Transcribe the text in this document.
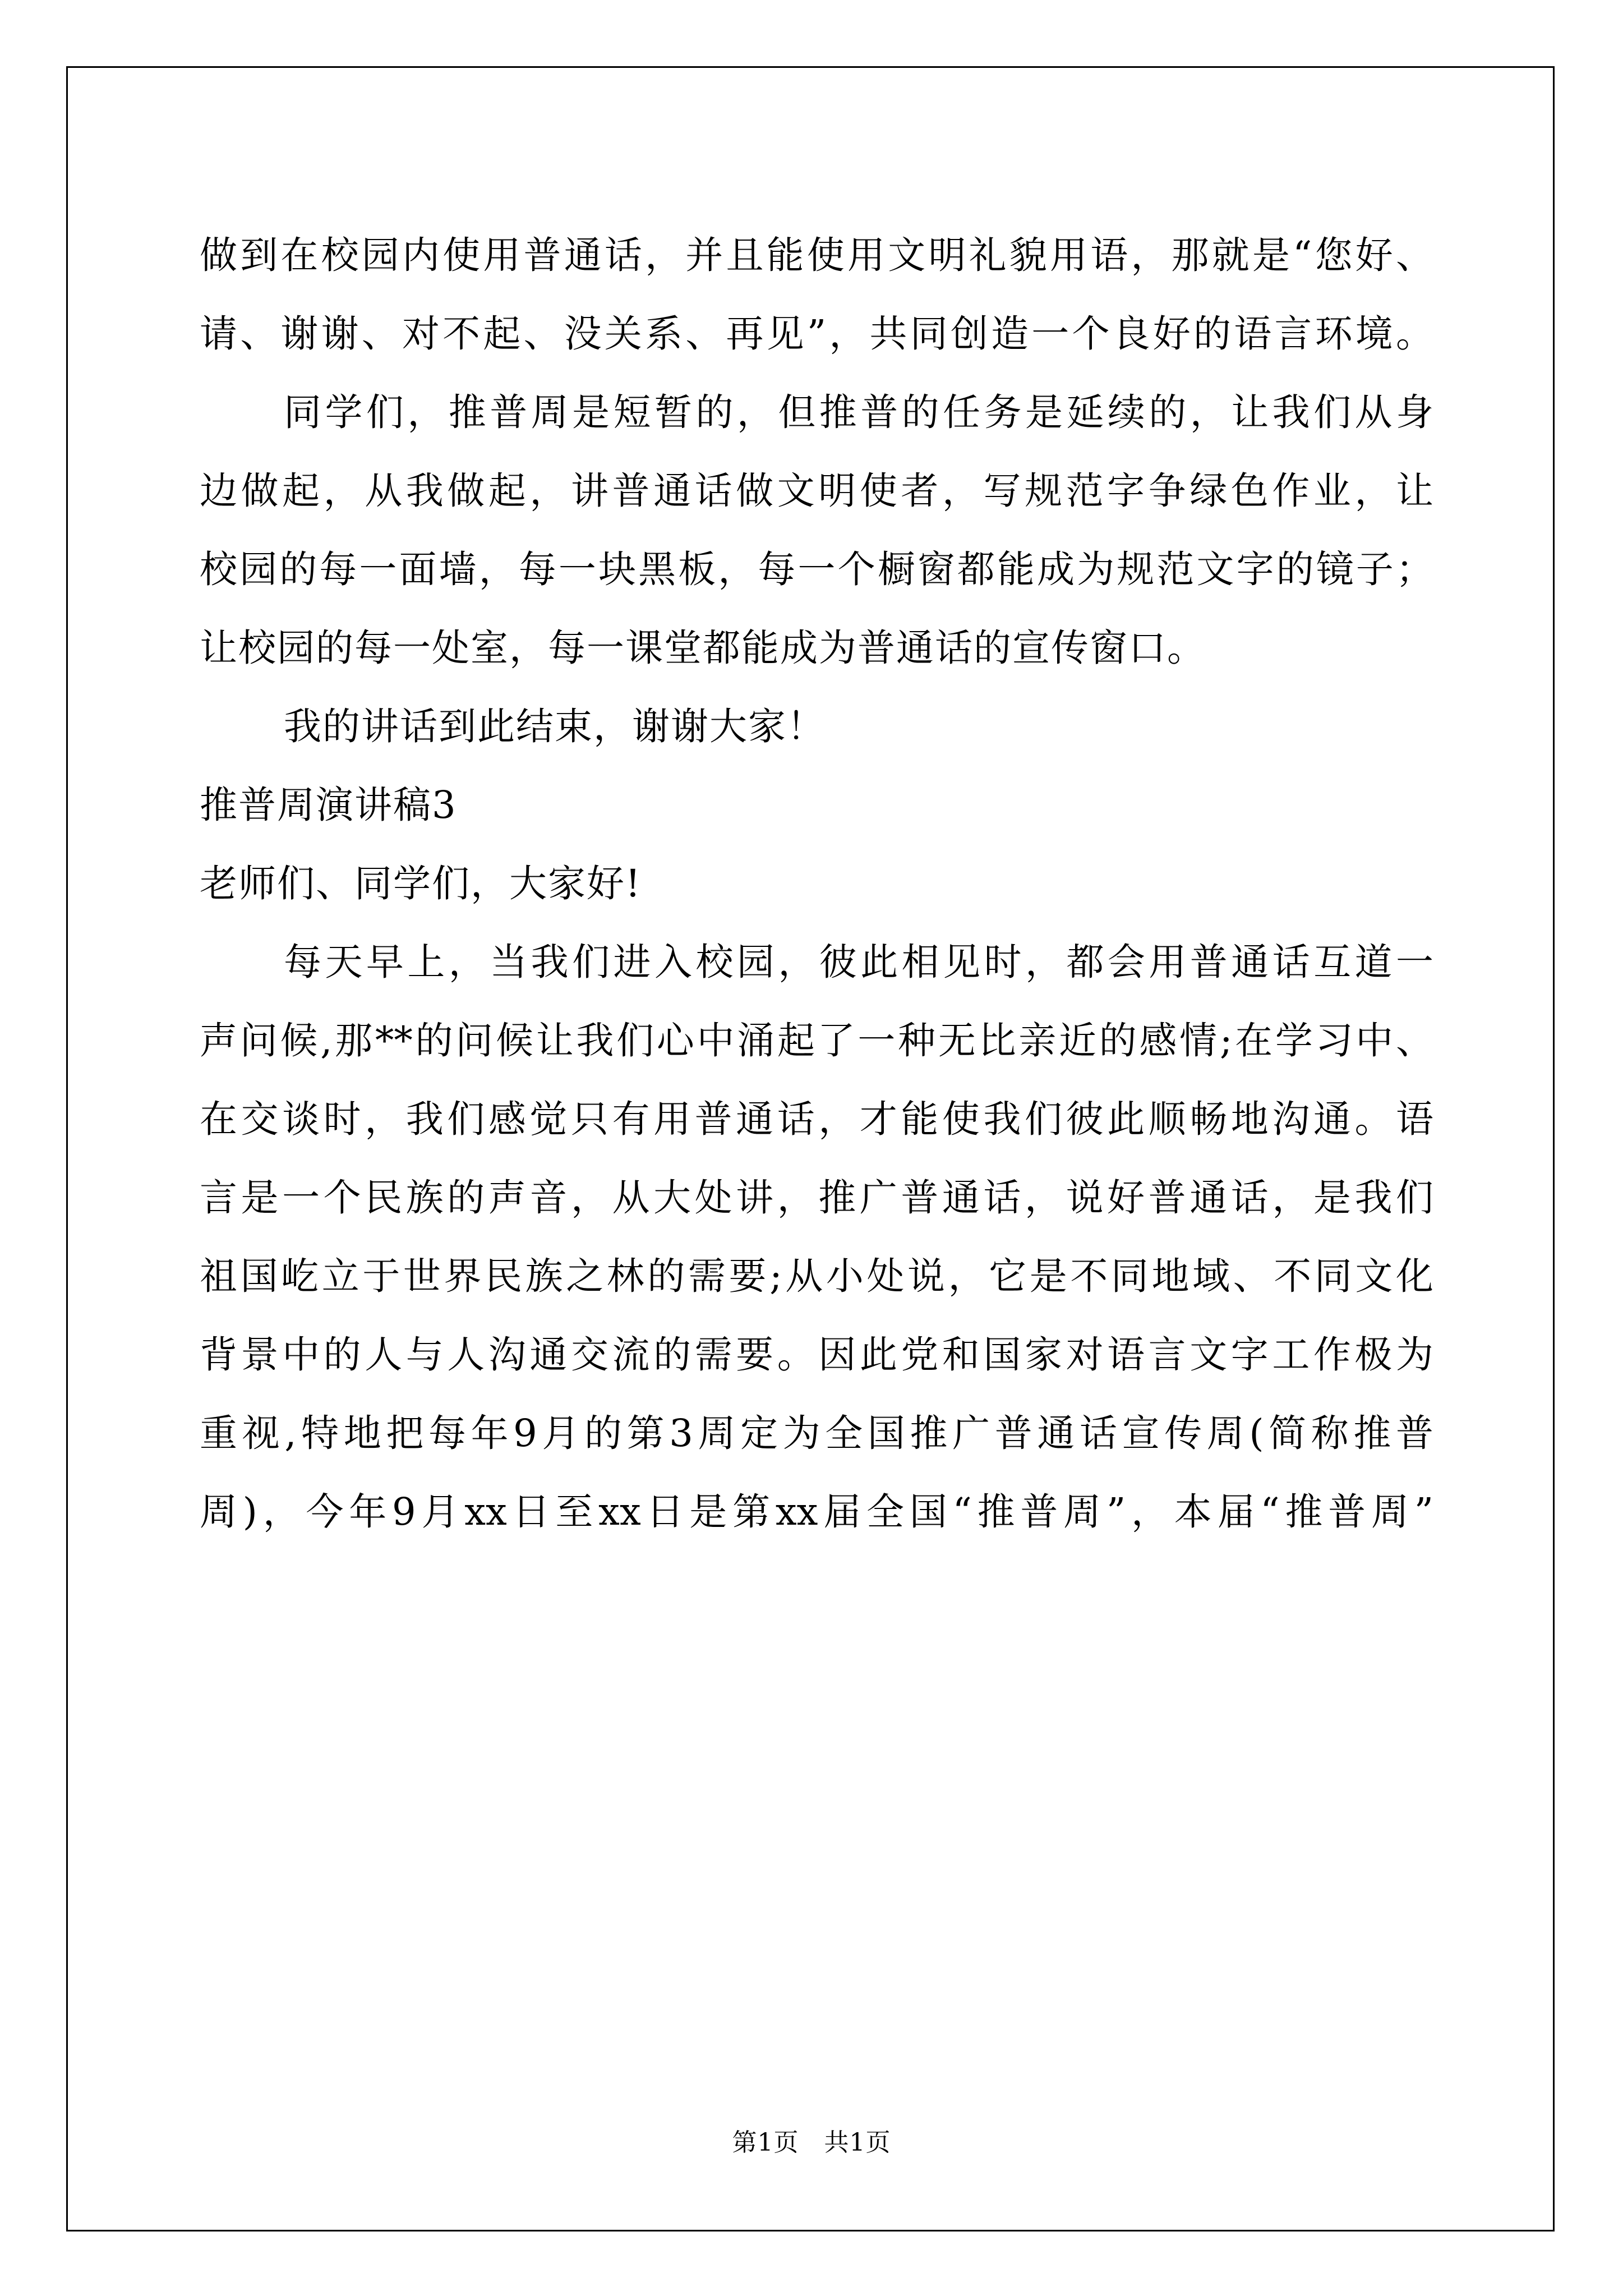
做到在校园内使用普通话，并且能使用文明礼貌用语，那就是“您好、
请、谢谢、对不起、没关系、再见”，共同创造一个良好的语言环境。
同学们，推普周是短暂的，但推普的任务是延续的，让我们从身
边做起，从我做起，讲普通话做文明使者，写规范字争绿色作业，让
校园的每一面墙，每一块黑板，每一个橱窗都能成为规范文字的镜子；
让校园的每一处室，每一课堂都能成为普通话的宣传窗口。
我的讲话到此结束，谢谢大家！
推普周演讲稿3
老师们、同学们，大家好!
每天早上，当我们进入校园，彼此相见时，都会用普通话互道一
声问候,那**的问候让我们心中涌起了一种无比亲近的感情;在学习中、
在交谈时，我们感觉只有用普通话，才能使我们彼此顺畅地沟通。语
言是一个民族的声音，从大处讲，推广普通话，说好普通话，是我们
祖国屹立于世界民族之林的需要;从小处说，它是不同地域、不同文化
背景中的人与人沟通交流的需要。因此党和国家对语言文字工作极为
重视,特地把每年9月的第3周定为全国推广普通话宣传周(简称推普
周)，今年9月xx日至xx日是第xx届全国“推普周”，本届“推普周”
第1页 共1页
